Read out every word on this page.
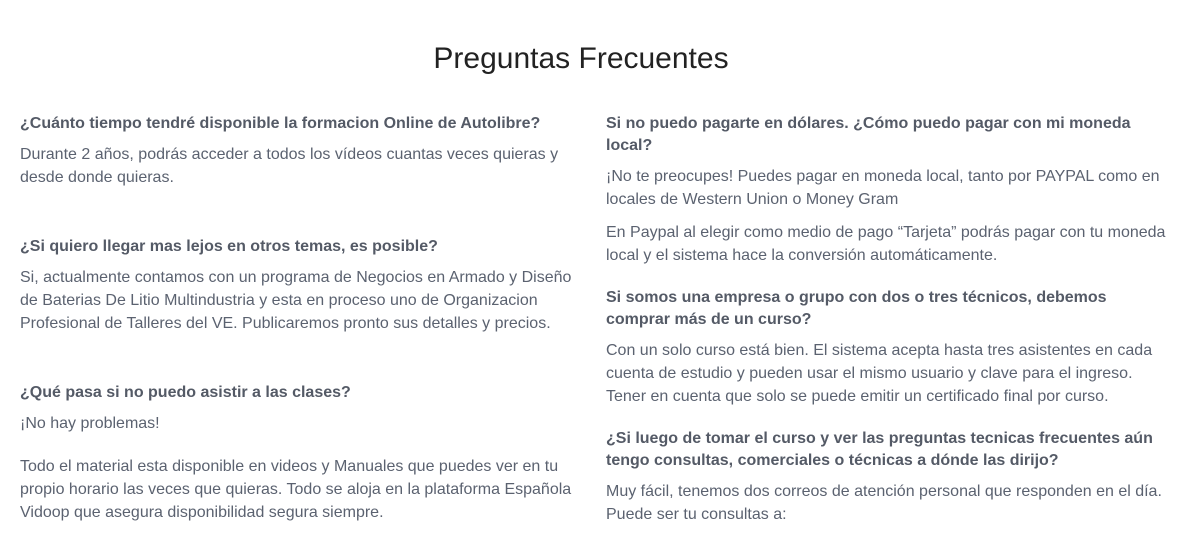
Preguntas Frecuentes

¿Cuánto tiempo tendré disponible la formacion Online de Autolibre?

Durante 2 años, podrás acceder a todos los vídeos cuantas veces quieras y desde donde quieras.

¿Si quiero llegar mas lejos en otros temas, es posible?

Si, actualmente contamos con un programa de Negocios en Armado y Diseño de Baterias De Litio Multindustria y esta en proceso uno de Organizacion Profesional de Talleres del VE. Publicaremos pronto sus detalles y precios.

¿Qué pasa si no puedo asistir a las clases?

¡No hay problemas!

Todo el material esta disponible en videos y Manuales que puedes ver en tu propio horario las veces que quieras. Todo se aloja en la plataforma Española Vidoop que asegura disponibilidad segura siempre.

Si no puedo pagarte en dólares. ¿Cómo puedo pagar con mi moneda local?

¡No te preocupes! Puedes pagar en moneda local, tanto por PAYPAL como en locales de Western Union o Money Gram

En Paypal al elegir como medio de pago “Tarjeta” podrás pagar con tu moneda local y el sistema hace la conversión automáticamente.

Si somos una empresa o grupo con dos o tres técnicos, debemos comprar más de un curso?

Con un solo curso está bien. El sistema acepta hasta tres asistentes en cada cuenta de estudio y pueden usar el mismo usuario y clave para el ingreso. Tener en cuenta que solo se puede emitir un certificado final por curso.

¿Si luego de tomar el curso y ver las preguntas tecnicas frecuentes aún tengo consultas, comerciales o técnicas a dónde las dirijo?

Muy fácil, tenemos dos correos de atención personal que responden en el día. Puede ser tu consultas a:
